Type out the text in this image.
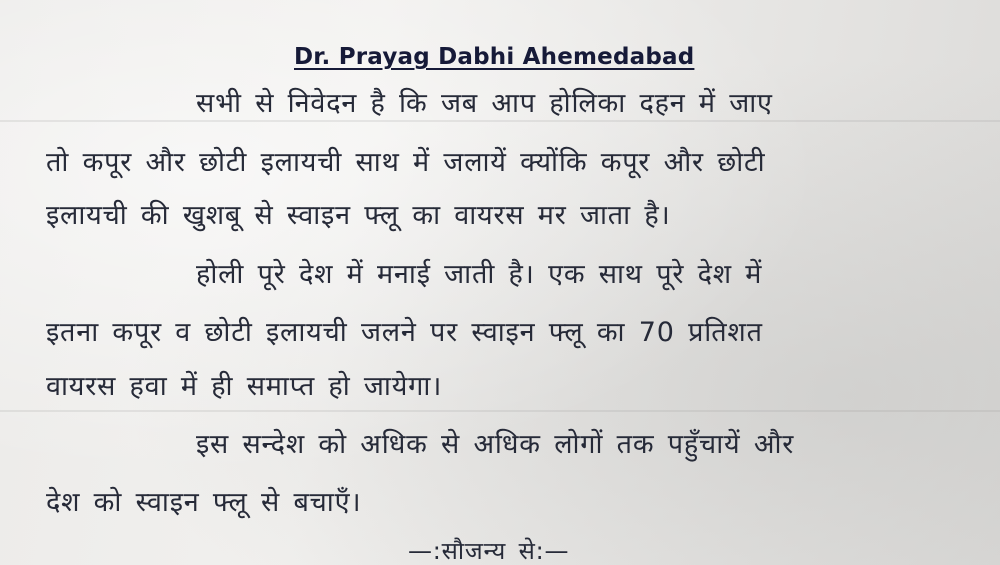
Dr. Prayag Dabhi Ahemedabad
सभी से निवेदन है कि जब आप होलिका दहन में जाए
तो कपूर और छोटी इलायची साथ में जलायें क्योंकि कपूर और छोटी
इलायची की खुशबू से स्वाइन फ्लू का वायरस मर जाता है।
होली पूरे देश में मनाई जाती है। एक साथ पूरे देश में
इतना कपूर व छोटी इलायची जलने पर स्वाइन फ्लू का 70 प्रतिशत
वायरस हवा में ही समाप्त हो जायेगा।
इस सन्देश को अधिक से अधिक लोगों तक पहुँचायें और
देश को स्वाइन फ्लू से बचाएँ।
—:सौजन्य से:—
